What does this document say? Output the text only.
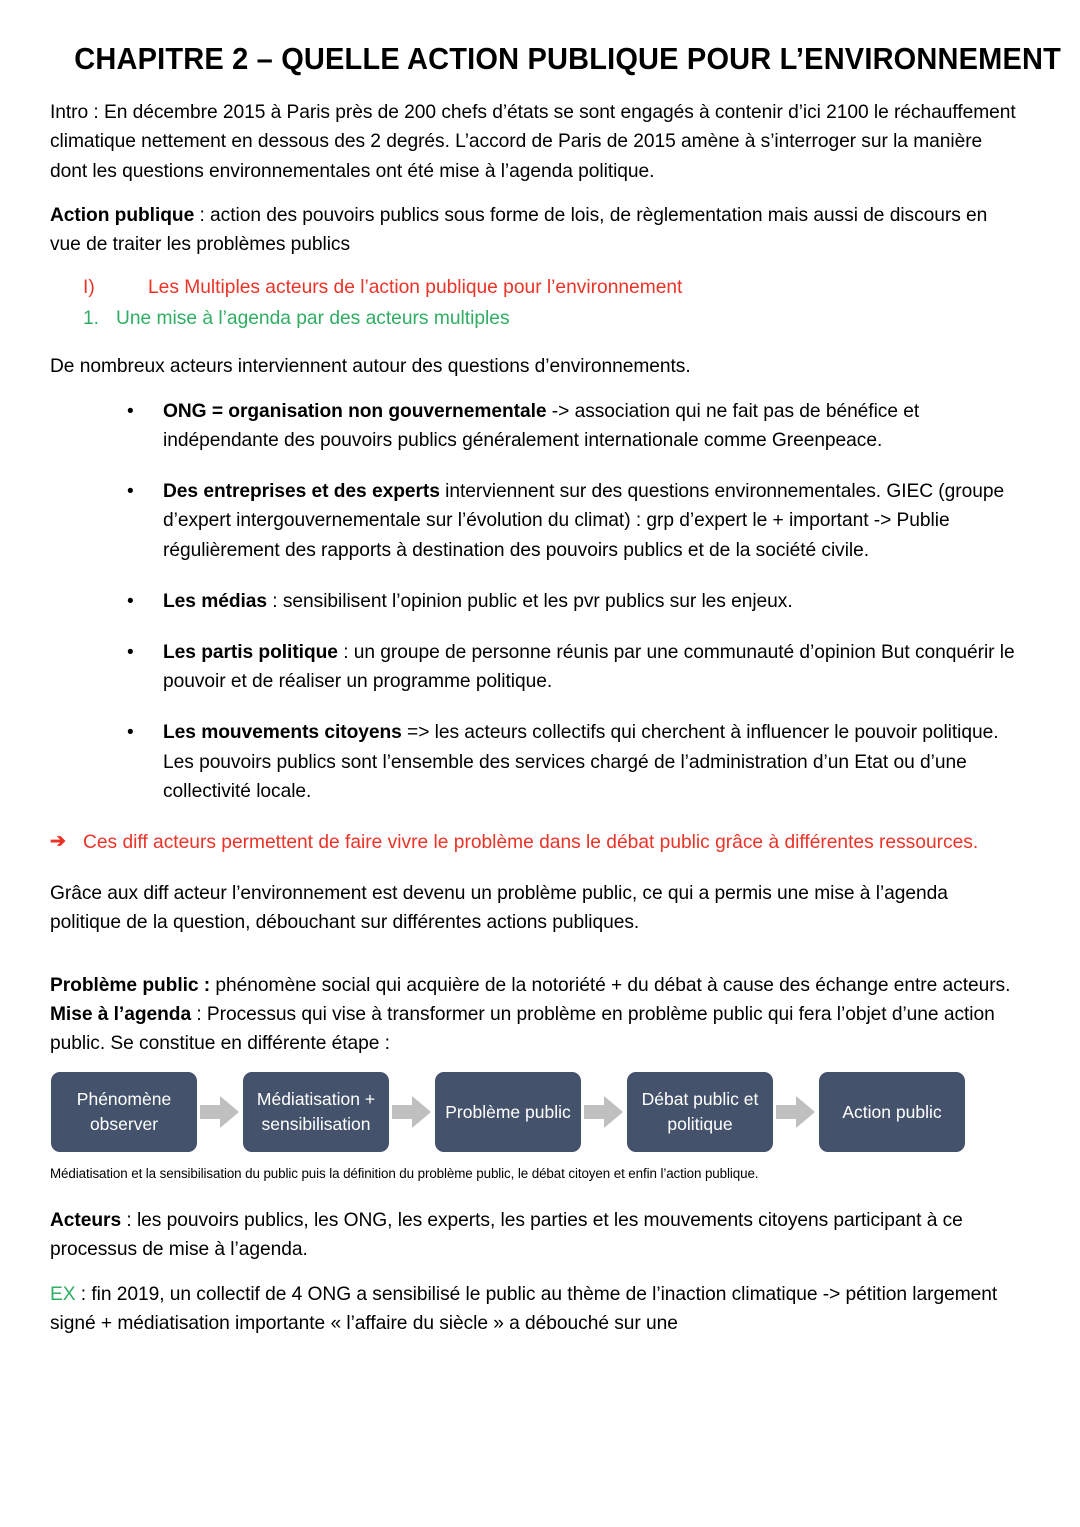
CHAPITRE 2 – QUELLE ACTION PUBLIQUE POUR L’ENVIRONNEMENT

Intro : En décembre 2015 à Paris près de 200 chefs d’états se sont engagés à contenir d’ici 2100 le réchauffement climatique nettement en dessous des 2 degrés. L’accord de Paris de 2015 amène à s’interroger sur la manière dont les questions environnementales ont été mise à l’agenda politique.

Action publique : action des pouvoirs publics sous forme de lois, de règlementation mais aussi de discours en vue de traiter les problèmes publics

I)	Les Multiples acteurs de l’action publique pour l’environnement
1. Une mise à l’agenda par des acteurs multiples

De nombreux acteurs interviennent autour des questions d’environnements.

• ONG = organisation non gouvernementale -> association qui ne fait pas de bénéfice et indépendante des pouvoirs publics généralement internationale comme Greenpeace.
• Des entreprises et des experts interviennent sur des questions environnementales. GIEC (groupe d’expert intergouvernementale sur l’évolution du climat) : grp d’expert le + important -> Publie régulièrement des rapports à destination des pouvoirs publics et de la société civile.
• Les médias : sensibilisent l’opinion public et les pvr publics sur les enjeux.
• Les partis politique : un groupe de personne réunis par une communauté d’opinion But conquérir le pouvoir et de réaliser un programme politique.
• Les mouvements citoyens => les acteurs collectifs qui cherchent à influencer le pouvoir politique. Les pouvoirs publics sont l’ensemble des services chargé de l’administration d’un Etat ou d’une collectivité locale.
➔ Ces diff acteurs permettent de faire vivre le problème dans le débat public grâce à différentes ressources.

Grâce aux diff acteur l’environnement est devenu un problème public, ce qui a permis une mise à l’agenda politique de la question, débouchant sur différentes actions publiques.

Problème public : phénomène social qui acquière de la notoriété + du débat à cause des échange entre acteurs.

Mise à l’agenda : Processus qui vise à transformer un problème en problème public qui fera l’objet d’une action public. Se constitue en différente étape :

Phénomène observer
Médiatisation + sensibilisation
Problème public
Débat public et politique
Action public

Médiatisation et la sensibilisation du public puis la définition du problème public, le débat citoyen et enfin l’action publique.

Acteurs : les pouvoirs publics, les ONG, les experts, les parties et les mouvements citoyens participant à ce processus de mise à l’agenda.

EX : fin 2019, un collectif de 4 ONG a sensibilisé le public au thème de l’inaction climatique -> pétition largement signé + médiatisation importante « l’affaire du siècle » a débouché sur une
